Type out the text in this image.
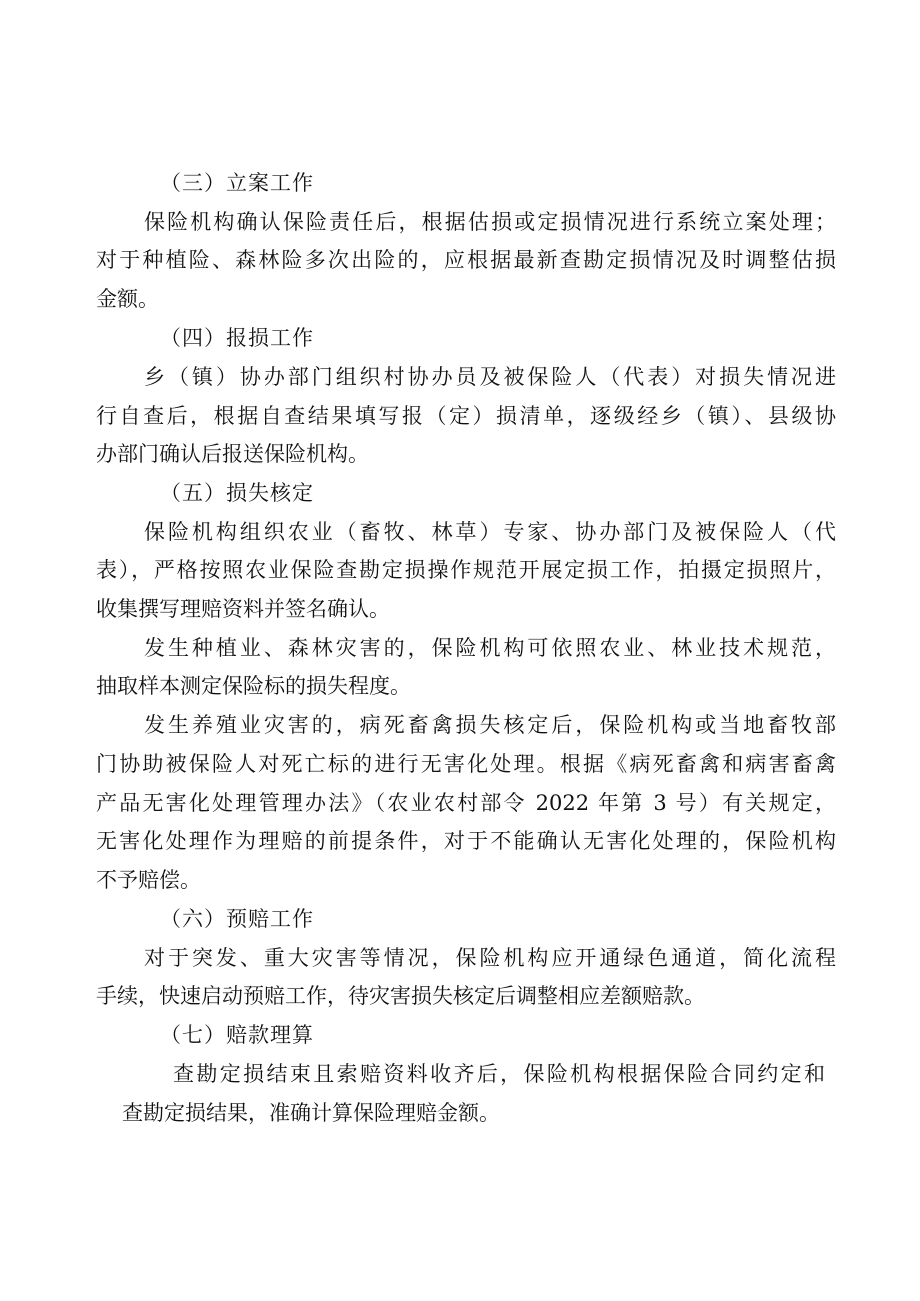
（三）立案工作
保险机构确认保险责任后，根据估损或定损情况进行系统立案处理；
对于种植险、森林险多次出险的，应根据最新查勘定损情况及时调整估损
金额。
（四）报损工作
乡（镇）协办部门组织村协办员及被保险人（代表）对损失情况进
行自查后，根据自查结果填写报（定）损清单，逐级经乡（镇）、县级协
办部门确认后报送保险机构。
（五）损失核定
保险机构组织农业（畜牧、林草）专家、协办部门及被保险人（代
表），严格按照农业保险查勘定损操作规范开展定损工作，拍摄定损照片，
收集撰写理赔资料并签名确认。
发生种植业、森林灾害的，保险机构可依照农业、林业技术规范，
抽取样本测定保险标的损失程度。
发生养殖业灾害的，病死畜禽损失核定后，保险机构或当地畜牧部
门协助被保险人对死亡标的进行无害化处理。根据《病死畜禽和病害畜禽
产品无害化处理管理办法》（农业农村部令 2022 年第 3 号）有关规定，
无害化处理作为理赔的前提条件，对于不能确认无害化处理的，保险机构
不予赔偿。
（六）预赔工作
对于突发、重大灾害等情况，保险机构应开通绿色通道，简化流程
手续，快速启动预赔工作，待灾害损失核定后调整相应差额赔款。
（七）赔款理算
查勘定损结束且索赔资料收齐后，保险机构根据保险合同约定和
查勘定损结果，准确计算保险理赔金额。
